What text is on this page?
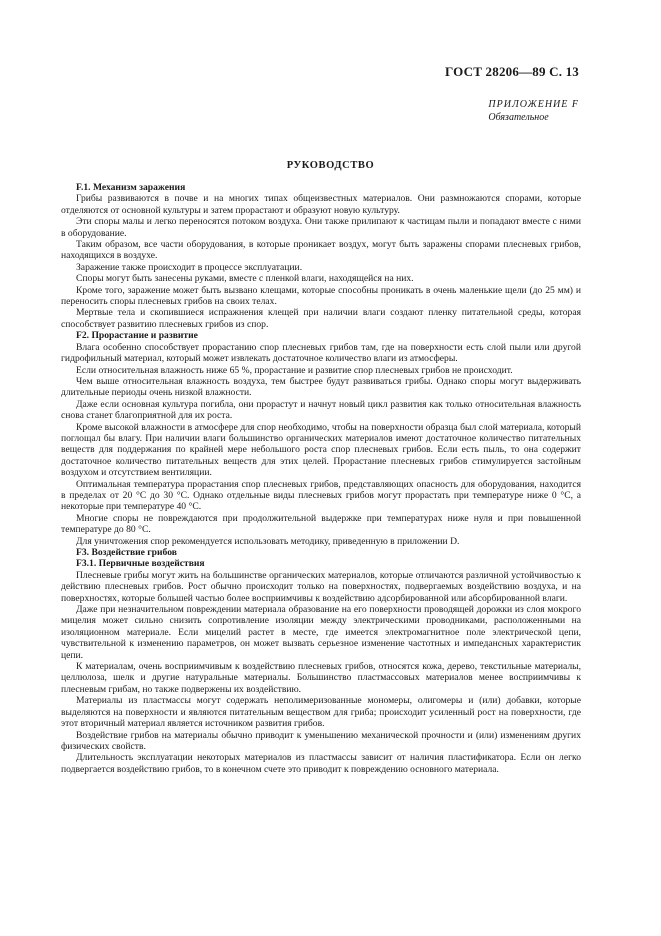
ГОСТ 28206—89 С. 13
ПРИЛОЖЕНИЕ F
Обязательное
РУКОВОДСТВО
F.1. Механизм заражения

Грибы развиваются в почве и на многих типах общеизвестных материалов. Они размножаются спорами, которые отделяются от основной культуры и затем прорастают и образуют новую культуру.

Эти споры малы и легко переносятся потоком воздуха. Они также прилипают к частицам пыли и попадают вместе с ними в оборудование.

Таким образом, все части оборудования, в которые проникает воздух, могут быть заражены спорами плесневых грибов, находящихся в воздухе.

Заражение также происходит в процессе эксплуатации.

Споры могут быть занесены руками, вместе с пленкой влаги, находящейся на них.

Кроме того, заражение может быть вызвано клещами, которые способны проникать в очень маленькие щели (до 25 мм) и переносить споры плесневых грибов на своих телах.

Мертвые тела и скопившиеся испражнения клещей при наличии влаги создают пленку питательной среды, которая способствует развитию плесневых грибов из спор.

F2. Прорастание и развитие

Влага особенно способствует прорастанию спор плесневых грибов там, где на поверхности есть слой пыли или другой гидрофильный материал, который может извлекать достаточное количество влаги из атмосферы.

Если относительная влажность ниже 65 %, прорастание и развитие спор плесневых грибов не происходит.

Чем выше относительная влажность воздуха, тем быстрее будут развиваться грибы. Однако споры могут выдерживать длительные периоды очень низкой влажности.

Даже если основная культура погибла, они прорастут и начнут новый цикл развития как только относительная влажность снова станет благоприятной для их роста.

Кроме высокой влажности в атмосфере для спор необходимо, чтобы на поверхности образца был слой материала, который поглощал бы влагу. При наличии влаги большинство органических материалов имеют достаточное количество питательных веществ для поддержания по крайней мере небольшого роста спор плесневых грибов. Если есть пыль, то она содержит достаточное количество питательных веществ для этих целей. Прорастание плесневых грибов стимулируется застойным воздухом и отсутствием вентиляции.

Оптимальная температура прорастания спор плесневых грибов, представляющих опасность для оборудования, находится в пределах от 20 °С до 30 °С. Однако отдельные виды плесневых грибов могут прорастать при температуре ниже 0 °С, а некоторые при температуре 40 °С.

Многие споры не повреждаются при продолжительной выдержке при температурах ниже нуля и при повышенной температуре до 80 °С.

Для уничтожения спор рекомендуется использовать методику, приведенную в приложении D.

F3. Воздействие грибов
F3.1. Первичные воздействия

Плесневые грибы могут жить на большинстве органических материалов, которые отличаются различной устойчивостью к действию плесневых грибов. Рост обычно происходит только на поверхностях, подвергаемых воздействию воздуха, и на поверхностях, которые большей частью более восприимчивы к воздействию адсорбированной или абсорбированной влаги.

Даже при незначительном повреждении материала образование на его поверхности проводящей дорожки из слоя мокрого мицелия может сильно снизить сопротивление изоляции между электрическими проводниками, расположенными на изоляционном материале. Если мицелий растет в месте, где имеется электромагнитное поле электрической цепи, чувствительной к изменению параметров, он может вызвать серьезное изменение частотных и импедансных характеристик цепи.

К материалам, очень восприимчивым к воздействию плесневых грибов, относятся кожа, дерево, текстильные материалы, целлюлоза, шелк и другие натуральные материалы. Большинство пластмассовых материалов менее восприимчивы к плесневым грибам, но также подвержены их воздействию.

Материалы из пластмассы могут содержать неполимеризованные мономеры, олигомеры и (или) добавки, которые выделяются на поверхности и являются питательным веществом для гриба; происходит усиленный рост на поверхности, где этот вторичный материал является источником развития грибов.

Воздействие грибов на материалы обычно приводит к уменьшению механической прочности и (или) изменениям других физических свойств.

Длительность эксплуатации некоторых материалов из пластмассы зависит от наличия пластификатора. Если он легко подвергается воздействию грибов, то в конечном счете это приводит к повреждению основного материала.
